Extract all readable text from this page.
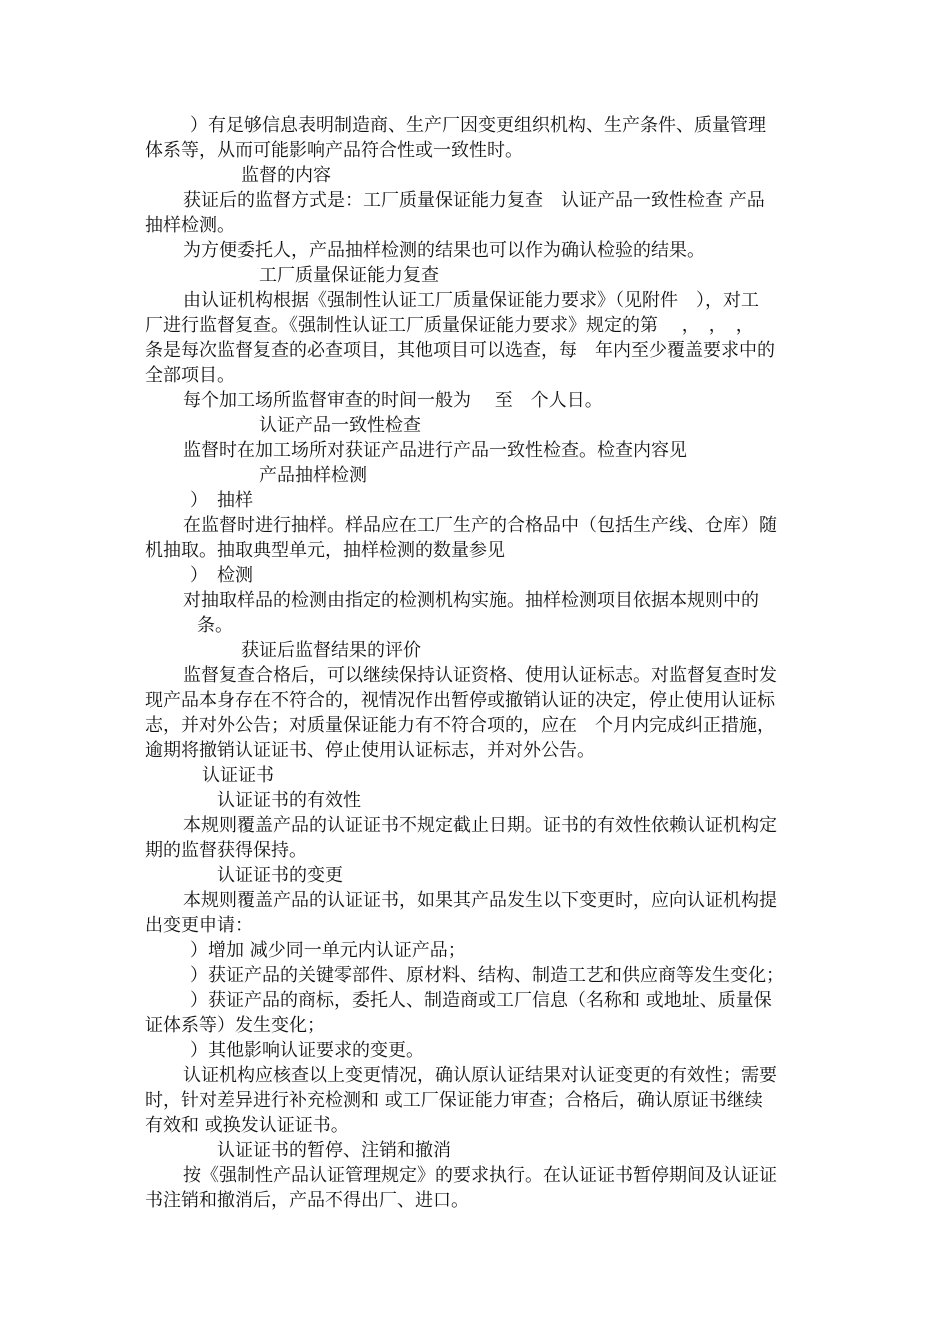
）有足够信息表明制造商、生产厂因变更组织机构、生产条件、质量管理
体系等，从而可能影响产品符合性或一致性时。
监督的内容
获证后的监督方式是：工厂质量保证能力复查　认证产品一致性检查 产品
抽样检测。
为方便委托人，产品抽样检测的结果也可以作为确认检验的结果。
工厂质量保证能力复查
由认证机构根据《强制性认证工厂质量保证能力要求》（见附件　），对工
厂进行监督复查。《强制性认证工厂质量保证能力要求》规定的第　 ，　，　，
条是每次监督复查的必查项目，其他项目可以选查，每　年内至少覆盖要求中的
全部项目。
每个加工场所监督审查的时间一般为　 至　个人日。
认证产品一致性检查
监督时在加工场所对获证产品进行产品一致性检查。检查内容见
产品抽样检测
）　抽样
在监督时进行抽样。样品应在工厂生产的合格品中（包括生产线、仓库）随
机抽取。抽取典型单元，抽样检测的数量参见
）　检测
对抽取样品的检测由指定的检测机构实施。抽样检测项目依据本规则中的
条。
获证后监督结果的评价
监督复查合格后，可以继续保持认证资格、使用认证标志。对监督复查时发
现产品本身存在不符合的，视情况作出暂停或撤销认证的决定，停止使用认证标
志，并对外公告；对质量保证能力有不符合项的，应在　个月内完成纠正措施，
逾期将撤销认证证书、停止使用认证标志，并对外公告。
认证证书
认证证书的有效性
本规则覆盖产品的认证证书不规定截止日期。证书的有效性依赖认证机构定
期的监督获得保持。
认证证书的变更
本规则覆盖产品的认证证书，如果其产品发生以下变更时，应向认证机构提
出变更申请：
）增加 减少同一单元内认证产品；
）获证产品的关键零部件、原材料、结构、制造工艺和供应商等发生变化；
）获证产品的商标，委托人、制造商或工厂信息（名称和 或地址、质量保
证体系等）发生变化；
）其他影响认证要求的变更。
认证机构应核查以上变更情况，确认原认证结果对认证变更的有效性；需要
时，针对差异进行补充检测和 或工厂保证能力审查；合格后，确认原证书继续
有效和 或换发认证证书。
认证证书的暂停、注销和撤消
按《强制性产品认证管理规定》的要求执行。在认证证书暂停期间及认证证
书注销和撤消后，产品不得出厂、进口。
